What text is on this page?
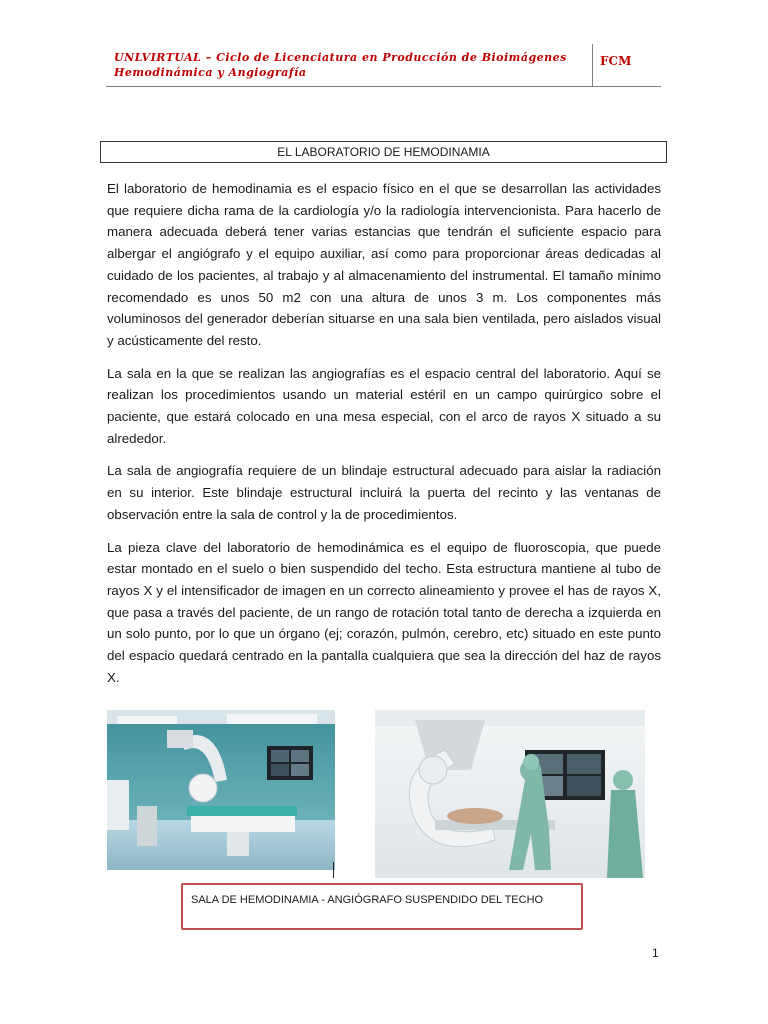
UNLVIRTUAL – Ciclo de Licenciatura en Producción de Bioimágenes
Hemodinámica y Angiografía
FCM
EL LABORATORIO DE HEMODINAMIA

El laboratorio de hemodinamia es el espacio físico en el que se desarrollan las actividades que requiere dicha rama de la cardiología y/o la radiología intervencionista. Para hacerlo de manera adecuada deberá tener varias estancias que tendrán el suficiente espacio para albergar el angiógrafo y el equipo auxiliar, así como para proporcionar áreas dedicadas al cuidado de los pacientes, al trabajo y al almacenamiento del instrumental. El tamaño mínimo recomendado es unos 50 m2 con una altura de unos 3 m. Los componentes más voluminosos del generador deberían situarse en una sala bien ventilada, pero aislados visual y acústicamente del resto.

La sala en la que se realizan las angiografías es el espacio central del laboratorio. Aquí se realizan los procedimientos usando un material estéril en un campo quirúrgico sobre el paciente, que estará colocado en una mesa especial, con el arco de rayos X situado a su alrededor.

La sala de angiografía requiere de un blindaje estructural adecuado para aislar la radiación en su interior. Este blindaje estructural incluirá la puerta del recinto y las ventanas de observación entre la sala de control y la de procedimientos.

La pieza clave del laboratorio de hemodinámica es el equipo de fluoroscopia, que puede estar montado en el suelo o bien suspendido del techo. Esta estructura mantiene al tubo de rayos X y el intensificador de imagen en un correcto alineamiento y provee el has de rayos X, que pasa a través del paciente, de un rango de rotación total tanto de derecha a izquierda en un solo punto, por lo que un órgano (ej; corazón, pulmón, cerebro, etc) situado en este punto del espacio quedará centrado en la pantalla cualquiera que sea la dirección del haz de rayos X.

SALA DE HEMODINAMIA - ANGIÓGRAFO SUSPENDIDO DEL TECHO
1
